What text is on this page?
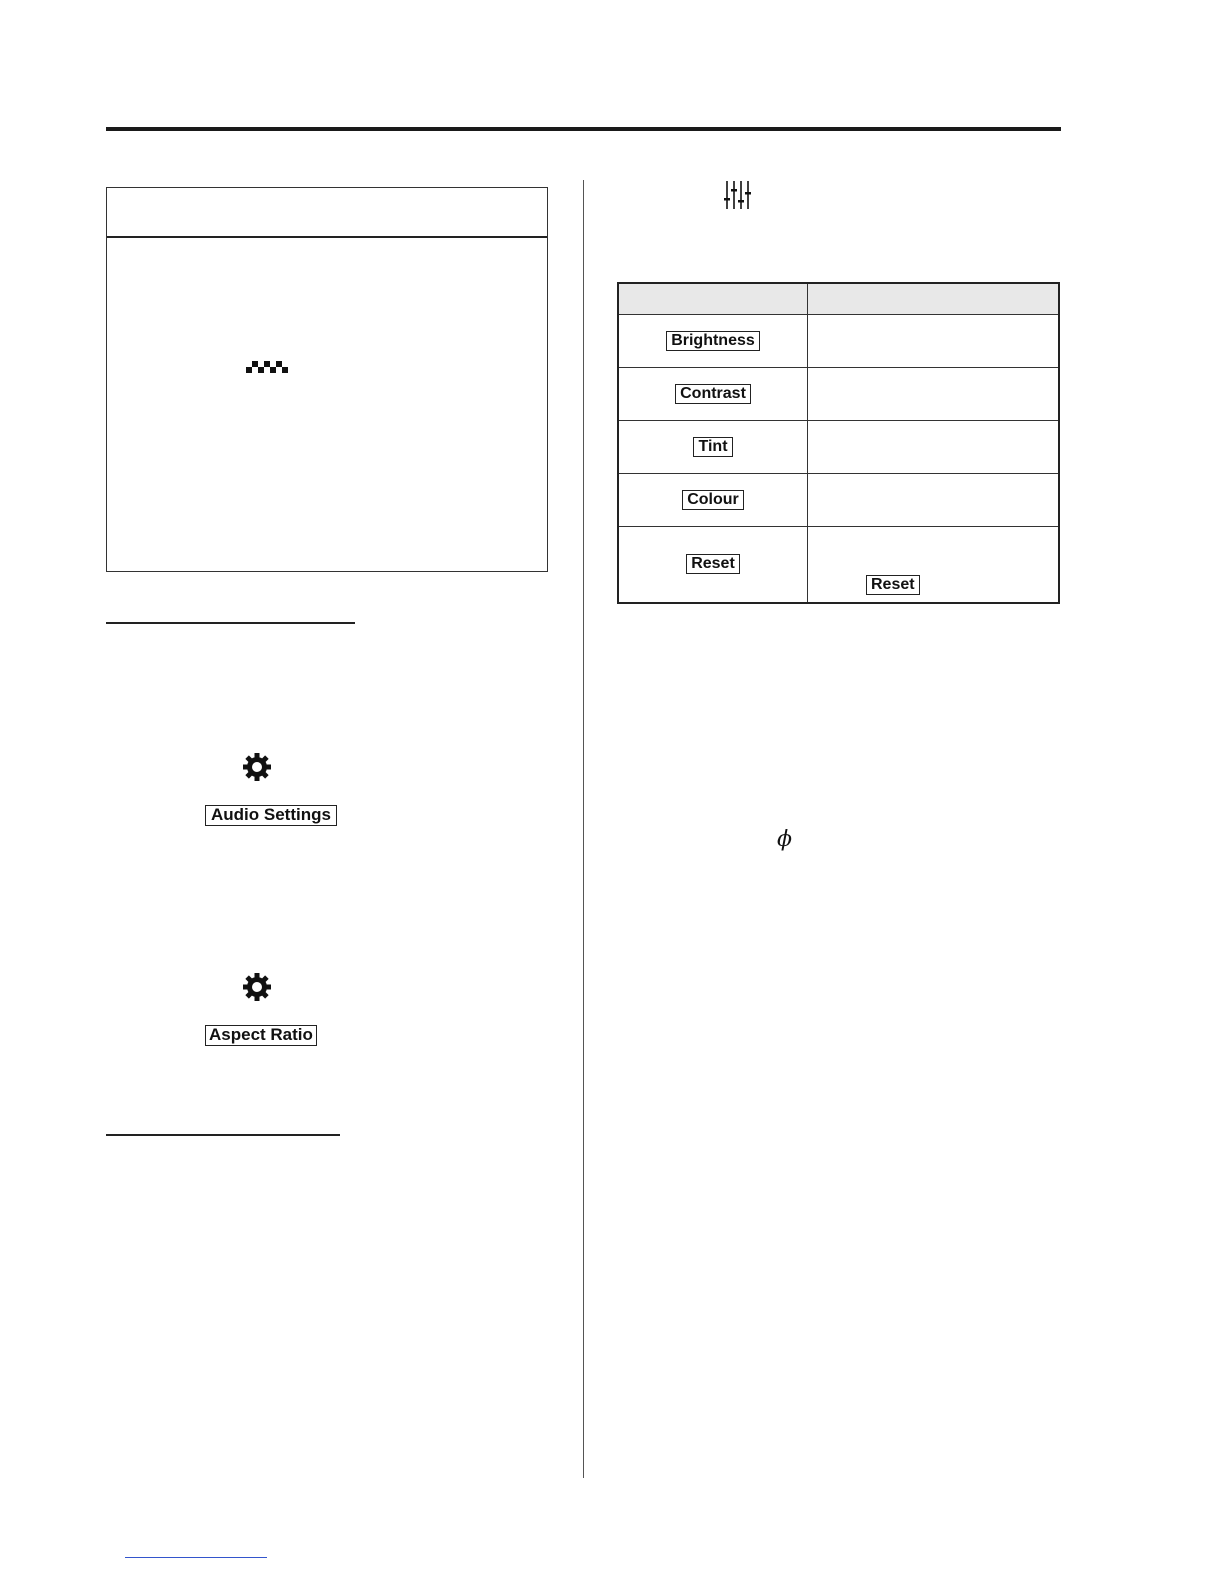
Audio Settings
Aspect Ratio

Brightness	
Contrast	
Tint	
Colour	
Reset	Reset
ϕ
